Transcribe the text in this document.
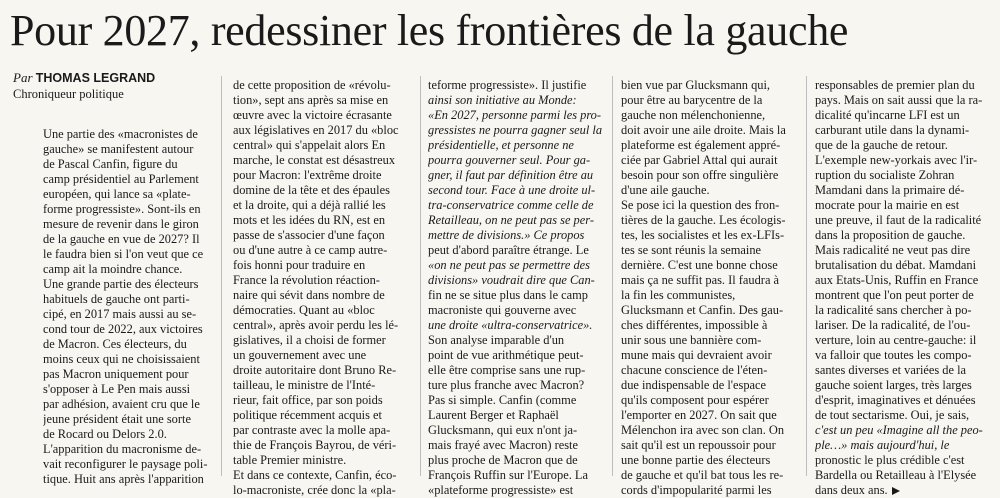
Pour 2027, redessiner les frontières de la gauche
Par THOMAS LEGRAND
Chroniqueur politique
Une partie des «macronistes de
gauche» se manifestent autour
de Pascal Canfin, figure du
camp présidentiel au Parlement
européen, qui lance sa «plate-
forme progressiste». Sont-ils en
mesure de revenir dans le giron
de la gauche en vue de 2027? Il
le faudra bien si l'on veut que ce
camp ait la moindre chance.
Une grande partie des électeurs
habituels de gauche ont parti-
cipé, en 2017 mais aussi au se-
cond tour de 2022, aux victoires
de Macron. Ces électeurs, du
moins ceux qui ne choisissaient
pas Macron uniquement pour
s'opposer à Le Pen mais aussi
par adhésion, avaient cru que le
jeune président était une sorte
de Rocard ou Delors 2.0.
L'apparition du macronisme de-
vait reconfigurer le paysage poli-
tique. Huit ans après l'apparition
de cette proposition de «révolu-
tion», sept ans après sa mise en
œuvre avec la victoire écrasante
aux législatives en 2017 du «bloc
central» qui s'appelait alors En
marche, le constat est désastreux
pour Macron: l'extrême droite
domine de la tête et des épaules
et la droite, qui a déjà rallié les
mots et les idées du RN, est en
passe de s'associer d'une façon
ou d'une autre à ce camp autre-
fois honni pour traduire en
France la révolution réaction-
naire qui sévit dans nombre de
démocraties. Quant au «bloc
central», après avoir perdu les lé-
gislatives, il a choisi de former
un gouvernement avec une
droite autoritaire dont Bruno Re-
tailleau, le ministre de l'Inté-
rieur, fait office, par son poids
politique récemment acquis et
par contraste avec la molle apa-
thie de François Bayrou, de véri-
table Premier ministre.
Et dans ce contexte, Canfin, éco-
lo-macroniste, crée donc la «pla-
teforme progressiste». Il justifie
ainsi son initiative au Monde:
«En 2027, personne parmi les pro-
gressistes ne pourra gagner seul la
présidentielle, et personne ne
pourra gouverner seul. Pour ga-
gner, il faut par définition être au
second tour. Face à une droite ul-
tra-conservatrice comme celle de
Retailleau, on ne peut pas se per-
mettre de divisions.» Ce propos
peut d'abord paraître étrange. Le
«on ne peut pas se permettre des
divisions» voudrait dire que Can-
fin ne se situe plus dans le camp
macroniste qui gouverne avec
une droite «ultra-conservatrice».
Son analyse imparable d'un
point de vue arithmétique peut-
elle être comprise sans une rup-
ture plus franche avec Macron?
Pas si simple. Canfin (comme
Laurent Berger et Raphaël
Glucksmann, qui eux n'ont ja-
mais frayé avec Macron) reste
plus proche de Macron que de
François Ruffin sur l'Europe. La
«plateforme progressiste» est
bien vue par Glucksmann qui,
pour être au barycentre de la
gauche non mélenchonienne,
doit avoir une aile droite. Mais la
plateforme est également appré-
ciée par Gabriel Attal qui aurait
besoin pour son offre singulière
d'une aile gauche.
Se pose ici la question des fron-
tières de la gauche. Les écologis-
tes, les socialistes et les ex-LFIs-
tes se sont réunis la semaine
dernière. C'est une bonne chose
mais ça ne suffit pas. Il faudra à
la fin les communistes,
Glucksmann et Canfin. Des gau-
ches différentes, impossible à
unir sous une bannière com-
mune mais qui devraient avoir
chacune conscience de l'éten-
due indispensable de l'espace
qu'ils composent pour espérer
l'emporter en 2027. On sait que
Mélenchon ira avec son clan. On
sait qu'il est un repoussoir pour
une bonne partie des électeurs
de gauche et qu'il bat tous les re-
cords d'impopularité parmi les
responsables de premier plan du
pays. Mais on sait aussi que la ra-
dicalité qu'incarne LFI est un
carburant utile dans la dynami-
que de la gauche de retour.
L'exemple new-yorkais avec l'ir-
ruption du socialiste Zohran
Mamdani dans la primaire dé-
mocrate pour la mairie en est
une preuve, il faut de la radicalité
dans la proposition de gauche.
Mais radicalité ne veut pas dire
brutalisation du débat. Mamdani
aux Etats-Unis, Ruffin en France
montrent que l'on peut porter de
la radicalité sans chercher à po-
lariser. De la radicalité, de l'ou-
verture, loin au centre-gauche: il
va falloir que toutes les compo-
santes diverses et variées de la
gauche soient larges, très larges
d'esprit, imaginatives et dénuées
de tout sectarisme. Oui, je sais,
c'est un peu «Imagine all the peo-
ple…» mais aujourd'hui, le
pronostic le plus crédible c'est
Bardella ou Retailleau à l'Elysée
dans deux ans.
